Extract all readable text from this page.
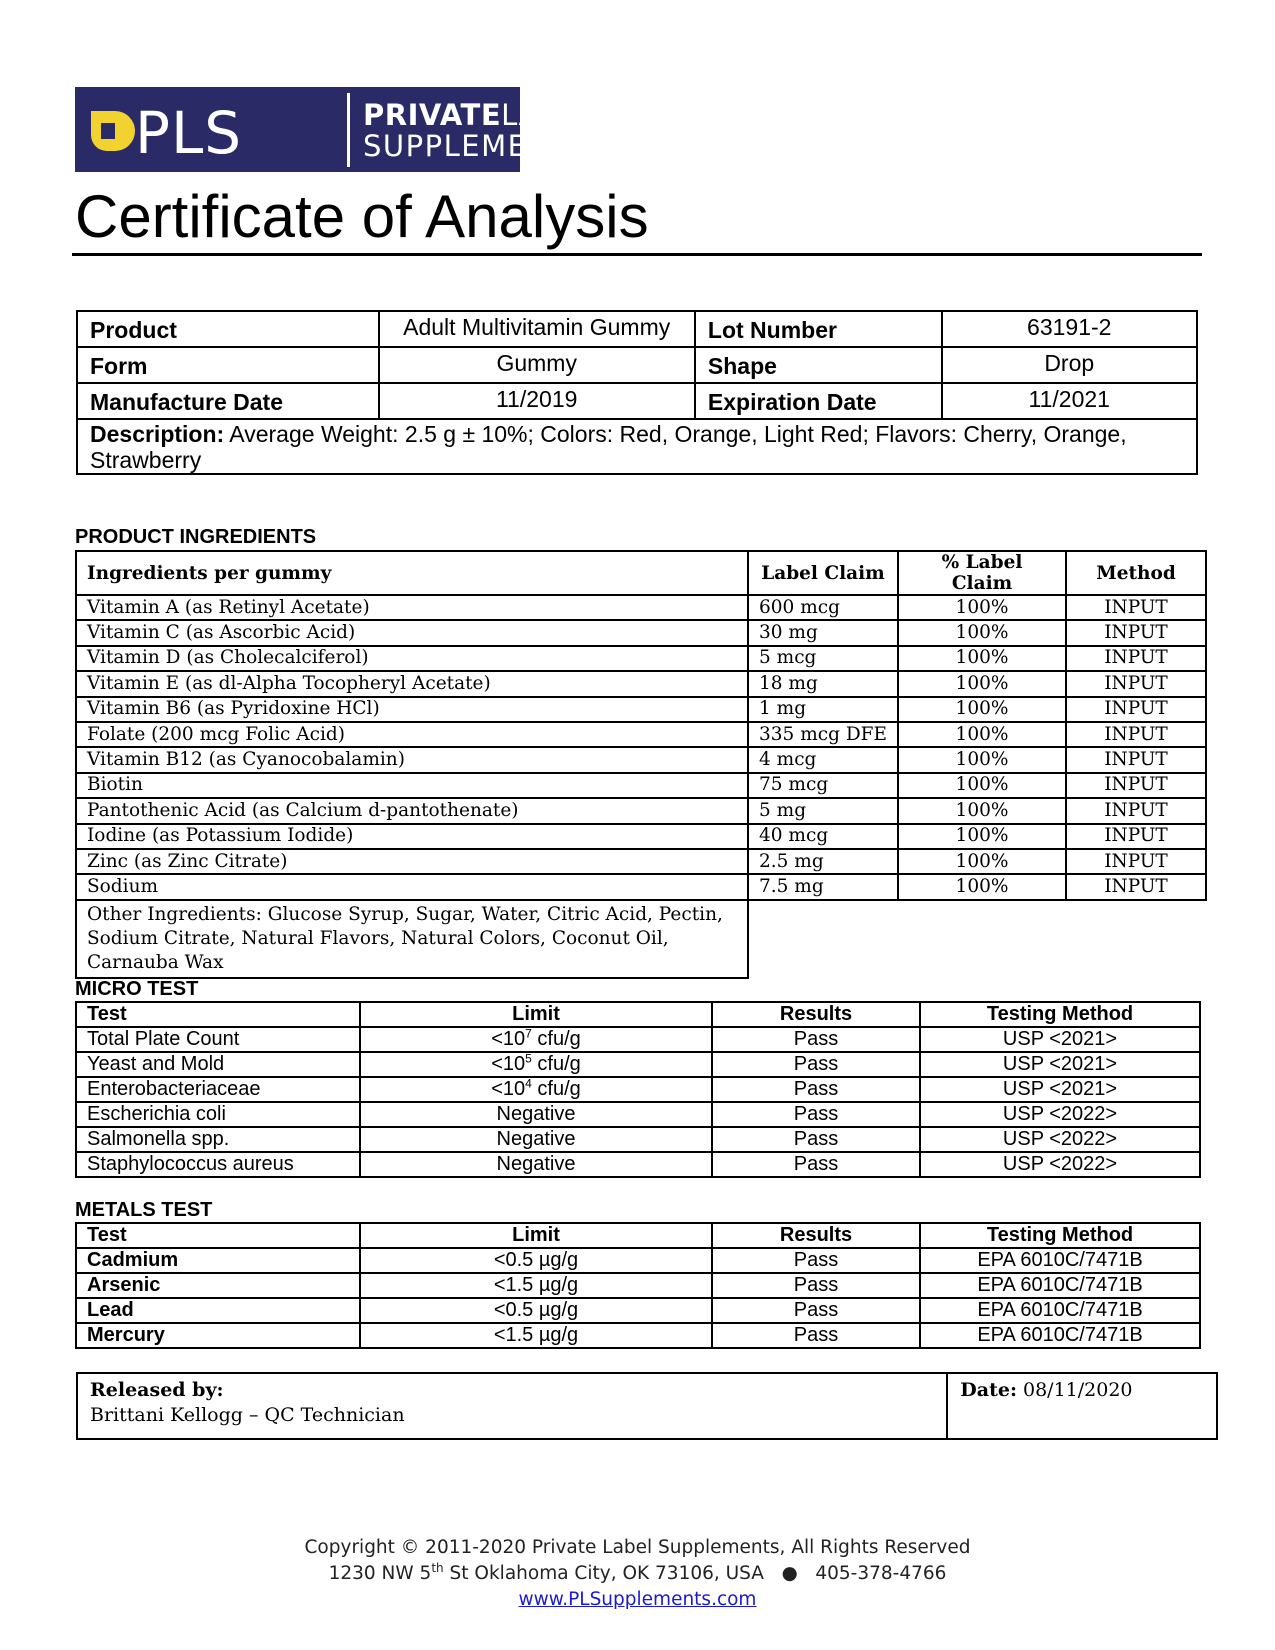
PLS	PRIVATELABEL
SUPPLEMENTS
Certificate of Analysis
Product	Adult Multivitamin Gummy	Lot Number	63191-2
Form	Gummy	Shape	Drop
Manufacture Date	11/2019	Expiration Date	11/2021
Description: Average Weight: 2.5 g ± 10%; Colors: Red, Orange, Light Red; Flavors: Cherry, Orange, Strawberry			
PRODUCT INGREDIENTS
Ingredients per gummy	Label Claim	% Label Claim	Method
Vitamin A (as Retinyl Acetate)	600 mcg	100%	INPUT
Vitamin C (as Ascorbic Acid)	30 mg	100%	INPUT
Vitamin D (as Cholecalciferol)	5 mcg	100%	INPUT
Vitamin E (as dl-Alpha Tocopheryl Acetate)	18 mg	100%	INPUT
Vitamin B6 (as Pyridoxine HCl)	1 mg	100%	INPUT
Folate (200 mcg Folic Acid)	335 mcg DFE	100%	INPUT
Vitamin B12 (as Cyanocobalamin)	4 mcg	100%	INPUT
Biotin	75 mcg	100%	INPUT
Pantothenic Acid (as Calcium d-pantothenate)	5 mg	100%	INPUT
Iodine (as Potassium Iodide)	40 mcg	100%	INPUT
Zinc (as Zinc Citrate)	2.5 mg	100%	INPUT
Sodium	7.5 mg	100%	INPUT
Other Ingredients: Glucose Syrup, Sugar, Water, Citric Acid, Pectin, Sodium Citrate, Natural Flavors, Natural Colors, Coconut Oil, Carnauba Wax			
MICRO TEST
Test	Limit	Results	Testing Method
Total Plate Count	$<10^7$ cfu/g	Pass	USP <2021>
Yeast and Mold	$<10^5$ cfu/g	Pass	USP <2021>
Enterobacteriaceae	$<10^4$ cfu/g	Pass	USP <2021>
Escherichia coli	Negative	Pass	USP <2022>
Salmonella spp.	Negative	Pass	USP <2022>
Staphylococcus aureus	Negative	Pass	USP <2022>
METALS TEST
Test	Limit	Results	Testing Method
Cadmium	<0.5 µg/g	Pass	EPA 6010C/7471B
Arsenic	<1.5 µg/g	Pass	EPA 6010C/7471B
Lead	<0.5 µg/g	Pass	EPA 6010C/7471B
Mercury	<1.5 µg/g	Pass	EPA 6010C/7471B
Released by:
Brittani Kellogg – QC Technician
	Date: 08/11/2020
Copyright © 2011-2020 Private Label Supplements, All Rights Reserved
1230 NW 5th St Oklahoma City, OK 73106, USA   ●   405-378-4766
www.PLSupplements.com
